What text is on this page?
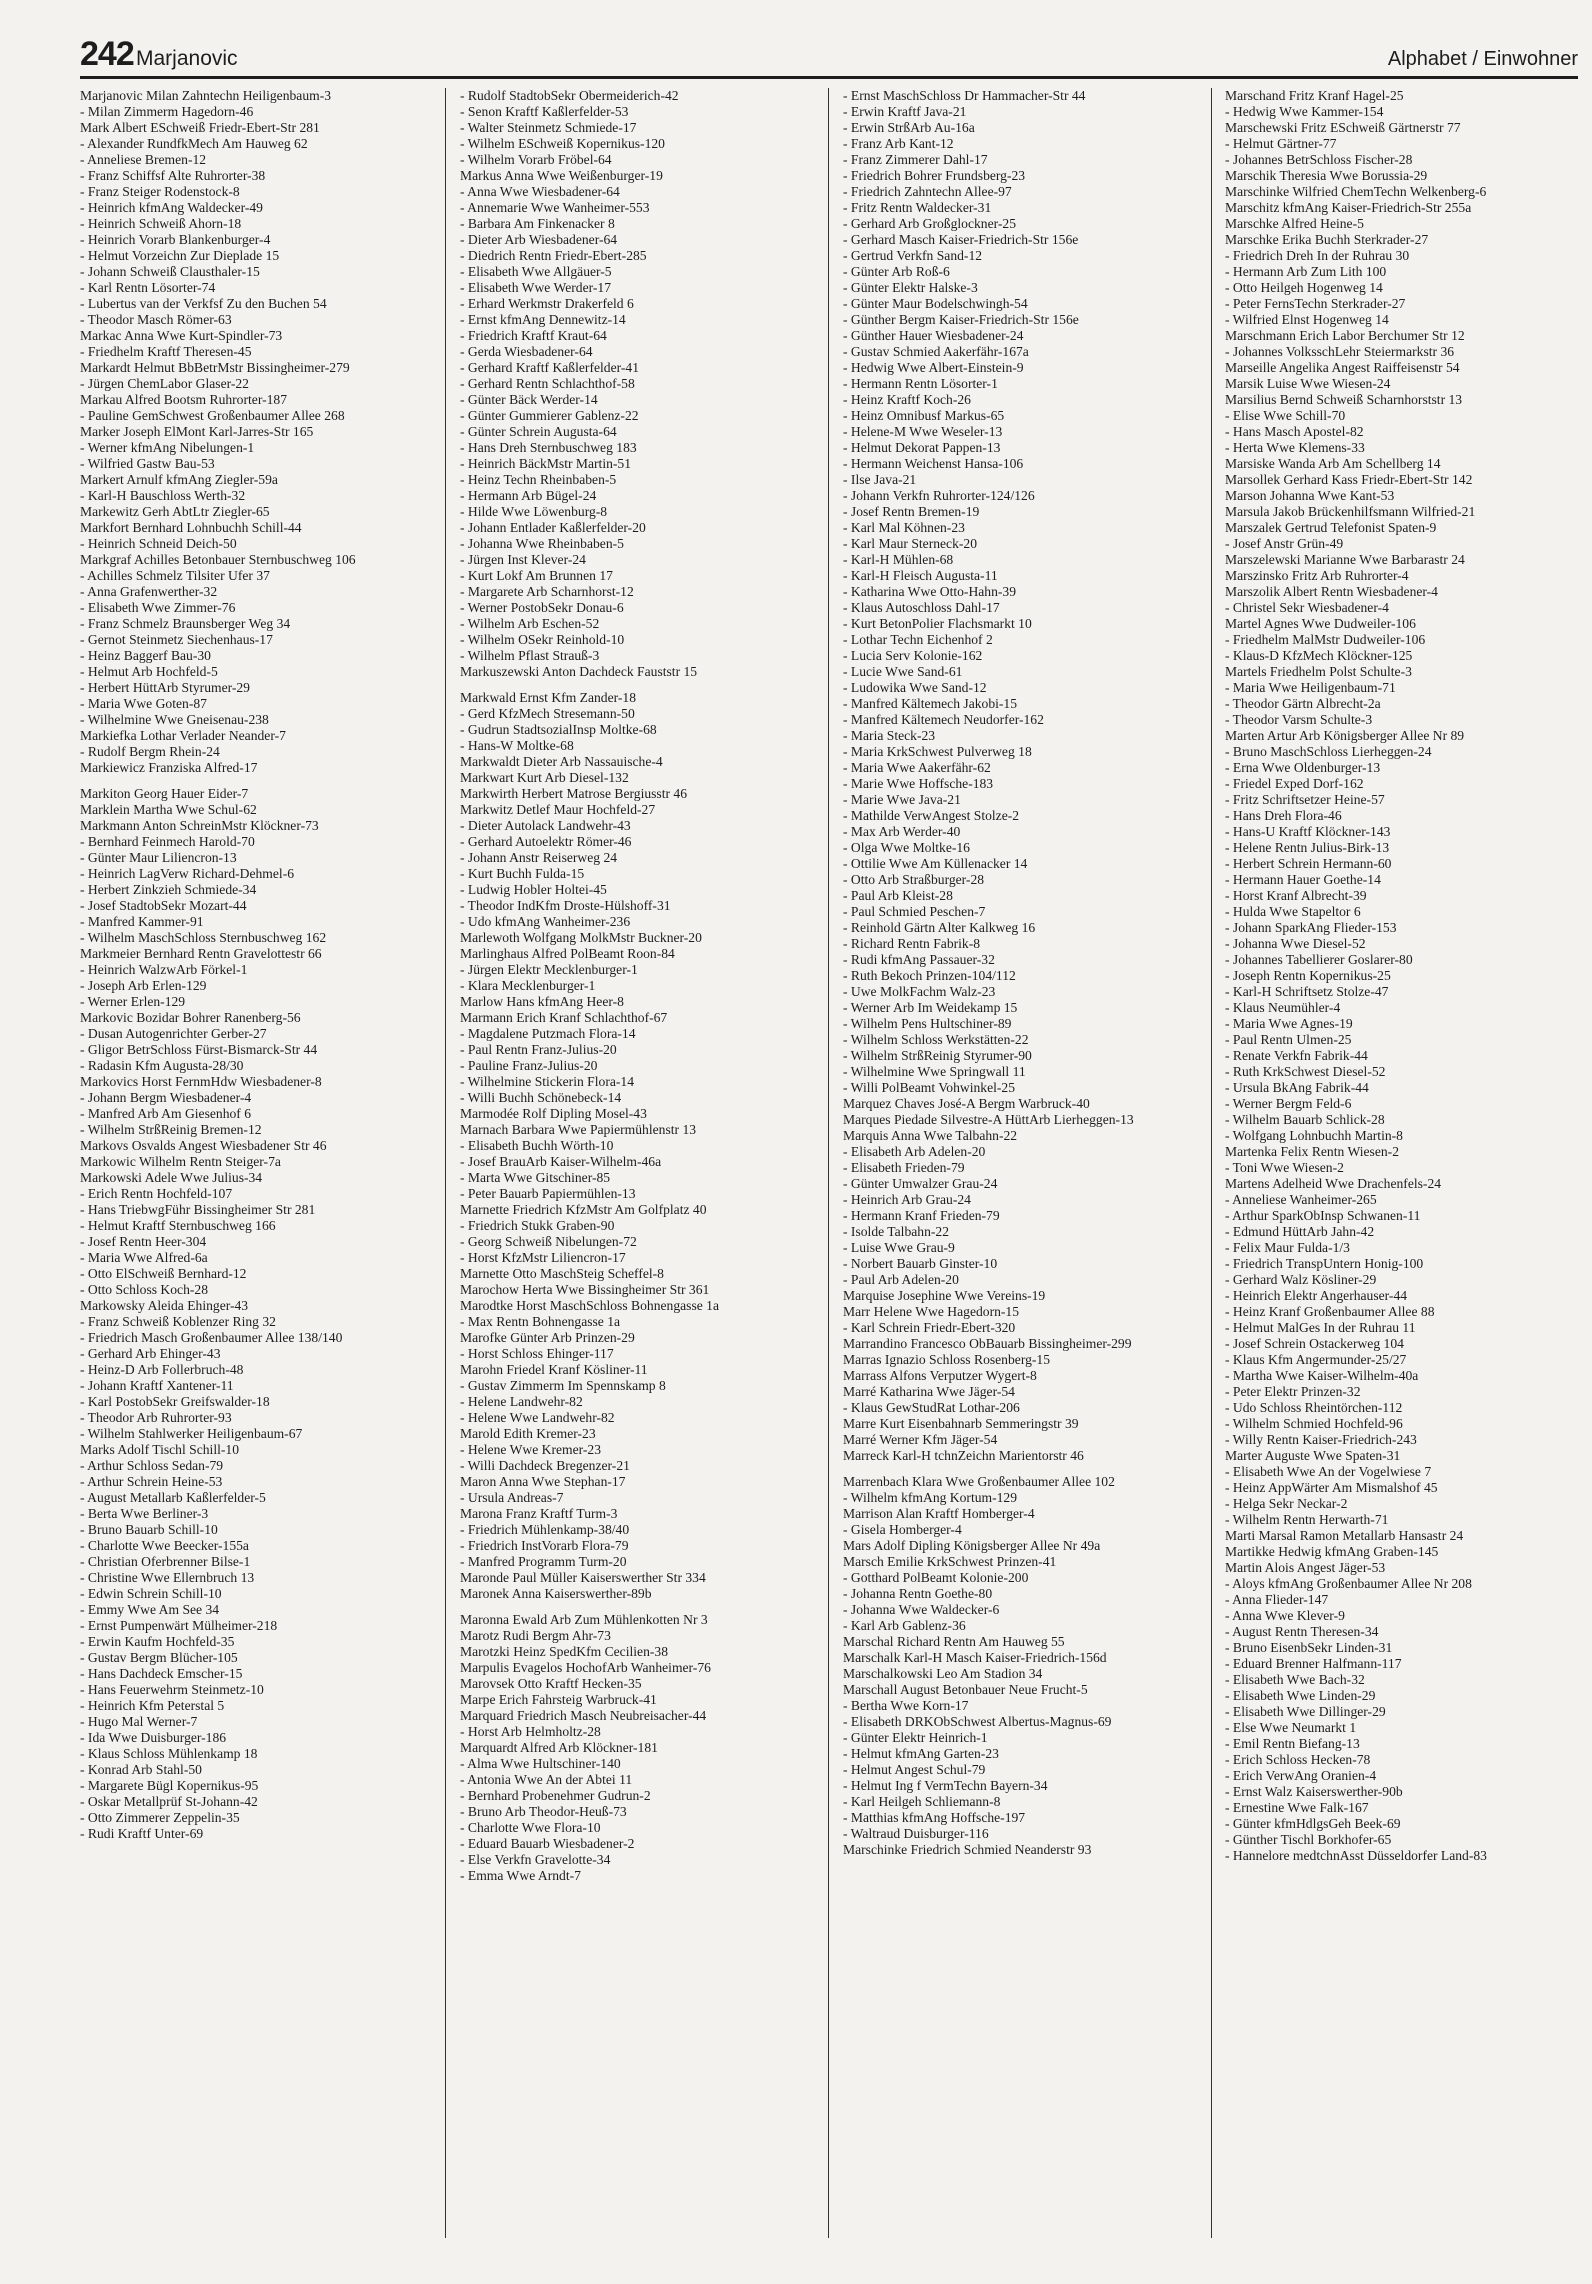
242 Marjanovic	Alphabet / Einwohner

Marjanovic Milan Zahntechn Heiligenbaum-3

- Milan Zimmerm Hagedorn-46

Mark Albert ESchweiß Friedr-Ebert-Str 281

- Alexander RundfkMech Am Hauweg 62

- Anneliese Bremen-12

- Franz Schiffsf Alte Ruhrorter-38

- Franz Steiger Rodenstock-8

- Heinrich kfmAng Waldecker-49

- Heinrich Schweiß Ahorn-18

- Heinrich Vorarb Blankenburger-4

- Helmut Vorzeichn Zur Dieplade 15

- Johann Schweiß Clausthaler-15

- Karl Rentn Lösorter-74

- Lubertus van der Verkfsf Zu den Buchen 54

- Theodor Masch Römer-63

Markac Anna Wwe Kurt-Spindler-73

- Friedhelm Kraftf Theresen-45

Markardt Helmut BbBetrMstr Bissingheimer-279

- Jürgen ChemLabor Glaser-22

Markau Alfred Bootsm Ruhrorter-187

- Pauline GemSchwest Großenbaumer Allee 268

Marker Joseph ElMont Karl-Jarres-Str 165

- Werner kfmAng Nibelungen-1

- Wilfried Gastw Bau-53

Markert Arnulf kfmAng Ziegler-59a

- Karl-H Bauschloss Werth-32

Markewitz Gerh AbtLtr Ziegler-65

Markfort Bernhard Lohnbuchh Schill-44

- Heinrich Schneid Deich-50

Markgraf Achilles Betonbauer Sternbuschweg 106

- Achilles Schmelz Tilsiter Ufer 37

- Anna Grafenwerther-32

- Elisabeth Wwe Zimmer-76

- Franz Schmelz Braunsberger Weg 34

- Gernot Steinmetz Siechenhaus-17

- Heinz Baggerf Bau-30

- Helmut Arb Hochfeld-5

- Herbert HüttArb Styrumer-29

- Maria Wwe Goten-87

- Wilhelmine Wwe Gneisenau-238

Markiefka Lothar Verlader Neander-7

- Rudolf Bergm Rhein-24

Markiewicz Franziska Alfred-17

Markiton Georg Hauer Eider-7

Marklein Martha Wwe Schul-62

Markmann Anton SchreinMstr Klöckner-73

- Bernhard Feinmech Harold-70

- Günter Maur Liliencron-13

- Heinrich LagVerw Richard-Dehmel-6

- Herbert Zinkzieh Schmiede-34

- Josef StadtobSekr Mozart-44

- Manfred Kammer-91

- Wilhelm MaschSchloss Sternbuschweg 162

Markmeier Bernhard Rentn Gravelottestr 66

- Heinrich WalzwArb Förkel-1

- Joseph Arb Erlen-129

- Werner Erlen-129

Markovic Bozidar Bohrer Ranenberg-56

- Dusan Autogenrichter Gerber-27

- Gligor BetrSchloss Fürst-Bismarck-Str 44

- Radasin Kfm Augusta-28/30

Markovics Horst FernmHdw Wiesbadener-8

- Johann Bergm Wiesbadener-4

- Manfred Arb Am Giesenhof 6

- Wilhelm StrßReinig Bremen-12

Markovs Osvalds Angest Wiesbadener Str 46

Markowic Wilhelm Rentn Steiger-7a

Markowski Adele Wwe Julius-34

- Erich Rentn Hochfeld-107

- Hans TriebwgFühr Bissingheimer Str 281

- Helmut Kraftf Sternbuschweg 166

- Josef Rentn Heer-304

- Maria Wwe Alfred-6a

- Otto ElSchweiß Bernhard-12

- Otto Schloss Koch-28

Markowsky Aleida Ehinger-43

- Franz Schweiß Koblenzer Ring 32

- Friedrich Masch Großenbaumer Allee 138/140

- Gerhard Arb Ehinger-43

- Heinz-D Arb Follerbruch-48

- Johann Kraftf Xantener-11

- Karl PostobSekr Greifswalder-18

- Theodor Arb Ruhrorter-93

- Wilhelm Stahlwerker Heiligenbaum-67

Marks Adolf Tischl Schill-10

- Arthur Schloss Sedan-79

- Arthur Schrein Heine-53

- August Metallarb Kaßlerfelder-5

- Berta Wwe Berliner-3

- Bruno Bauarb Schill-10

- Charlotte Wwe Beecker-155a

- Christian Oferbrenner Bilse-1

- Christine Wwe Ellernbruch 13

- Edwin Schrein Schill-10

- Emmy Wwe Am See 34

- Ernst Pumpenwärt Mülheimer-218

- Erwin Kaufm Hochfeld-35

- Gustav Bergm Blücher-105

- Hans Dachdeck Emscher-15

- Hans Feuerwehrm Steinmetz-10

- Heinrich Kfm Peterstal 5

- Hugo Mal Werner-7

- Ida Wwe Duisburger-186

- Klaus Schloss Mühlenkamp 18

- Konrad Arb Stahl-50

- Margarete Bügl Kopernikus-95

- Oskar Metallprüf St-Johann-42

- Otto Zimmerer Zeppelin-35

- Rudi Kraftf Unter-69

- Rudolf StadtobSekr Obermeiderich-42

- Senon Kraftf Kaßlerfelder-53

- Walter Steinmetz Schmiede-17

- Wilhelm ESchweiß Kopernikus-120

- Wilhelm Vorarb Fröbel-64

Markus Anna Wwe Weißenburger-19

- Anna Wwe Wiesbadener-64

- Annemarie Wwe Wanheimer-553

- Barbara Am Finkenacker 8

- Dieter Arb Wiesbadener-64

- Diedrich Rentn Friedr-Ebert-285

- Elisabeth Wwe Allgäuer-5

- Elisabeth Wwe Werder-17

- Erhard Werkmstr Drakerfeld 6

- Ernst kfmAng Dennewitz-14

- Friedrich Kraftf Kraut-64

- Gerda Wiesbadener-64

- Gerhard Kraftf Kaßlerfelder-41

- Gerhard Rentn Schlachthof-58

- Günter Bäck Werder-14

- Günter Gummierer Gablenz-22

- Günter Schrein Augusta-64

- Hans Dreh Sternbuschweg 183

- Heinrich BäckMstr Martin-51

- Heinz Techn Rheinbaben-5

- Hermann Arb Bügel-24

- Hilde Wwe Löwenburg-8

- Johann Entlader Kaßlerfelder-20

- Johanna Wwe Rheinbaben-5

- Jürgen Inst Klever-24

- Kurt Lokf Am Brunnen 17

- Margarete Arb Scharnhorst-12

- Werner PostobSekr Donau-6

- Wilhelm Arb Eschen-52

- Wilhelm OSekr Reinhold-10

- Wilhelm Pflast Strauß-3

Markuszewski Anton Dachdeck Fauststr 15

Markwald Ernst Kfm Zander-18

- Gerd KfzMech Stresemann-50

- Gudrun StadtsozialInsp Moltke-68

- Hans-W Moltke-68

Markwaldt Dieter Arb Nassauische-4

Markwart Kurt Arb Diesel-132

Markwirth Herbert Matrose Bergiusstr 46

Markwitz Detlef Maur Hochfeld-27

- Dieter Autolack Landwehr-43

- Gerhard Autoelektr Römer-46

- Johann Anstr Reiserweg 24

- Kurt Buchh Fulda-15

- Ludwig Hobler Holtei-45

- Theodor IndKfm Droste-Hülshoff-31

- Udo kfmAng Wanheimer-236

Marlewoth Wolfgang MolkMstr Buckner-20

Marlinghaus Alfred PolBeamt Roon-84

- Jürgen Elektr Mecklenburger-1

- Klara Mecklenburger-1

Marlow Hans kfmAng Heer-8

Marmann Erich Kranf Schlachthof-67

- Magdalene Putzmach Flora-14

- Paul Rentn Franz-Julius-20

- Pauline Franz-Julius-20

- Wilhelmine Stickerin Flora-14

- Willi Buchh Schönebeck-14

Marmodée Rolf Dipling Mosel-43

Marnach Barbara Wwe Papiermühlenstr 13

- Elisabeth Buchh Wörth-10

- Josef BrauArb Kaiser-Wilhelm-46a

- Marta Wwe Gitschiner-85

- Peter Bauarb Papiermühlen-13

Marnette Friedrich KfzMstr Am Golfplatz 40

- Friedrich Stukk Graben-90

- Georg Schweiß Nibelungen-72

- Horst KfzMstr Liliencron-17

Marnette Otto MaschSteig Scheffel-8

Marochow Herta Wwe Bissingheimer Str 361

Marodtke Horst MaschSchloss Bohnengasse 1a

- Max Rentn Bohnengasse 1a

Marofke Günter Arb Prinzen-29

- Horst Schloss Ehinger-117

Marohn Friedel Kranf Kösliner-11

- Gustav Zimmerm Im Spennskamp 8

- Helene Landwehr-82

- Helene Wwe Landwehr-82

Marold Edith Kremer-23

- Helene Wwe Kremer-23

- Willi Dachdeck Bregenzer-21

Maron Anna Wwe Stephan-17

- Ursula Andreas-7

Marona Franz Kraftf Turm-3

- Friedrich Mühlenkamp-38/40

- Friedrich InstVorarb Flora-79

- Manfred Programm Turm-20

Maronde Paul Müller Kaiserswerther Str 334

Maronek Anna Kaiserswerther-89b

Maronna Ewald Arb Zum Mühlenkotten Nr 3

Marotz Rudi Bergm Ahr-73

Marotzki Heinz SpedKfm Cecilien-38

Marpulis Evagelos HochofArb Wanheimer-76

Marovsek Otto Kraftf Hecken-35

Marpe Erich Fahrsteig Warbruck-41

Marquard Friedrich Masch Neubreisacher-44

- Horst Arb Helmholtz-28

Marquardt Alfred Arb Klöckner-181

- Alma Wwe Hultschiner-140

- Antonia Wwe An der Abtei 11

- Bernhard Probenehmer Gudrun-2

- Bruno Arb Theodor-Heuß-73

- Charlotte Wwe Flora-10

- Eduard Bauarb Wiesbadener-2

- Else Verkfn Gravelotte-34

- Emma Wwe Arndt-7

- Ernst MaschSchloss Dr Hammacher-Str 44

- Erwin Kraftf Java-21

- Erwin StrßArb Au-16a

- Franz Arb Kant-12

- Franz Zimmerer Dahl-17

- Friedrich Bohrer Frundsberg-23

- Friedrich Zahntechn Allee-97

- Fritz Rentn Waldecker-31

- Gerhard Arb Großglockner-25

- Gerhard Masch Kaiser-Friedrich-Str 156e

- Gertrud Verkfn Sand-12

- Günter Arb Roß-6

- Günter Elektr Halske-3

- Günter Maur Bodelschwingh-54

- Günther Bergm Kaiser-Friedrich-Str 156e

- Günther Hauer Wiesbadener-24

- Gustav Schmied Aakerfähr-167a

- Hedwig Wwe Albert-Einstein-9

- Hermann Rentn Lösorter-1

- Heinz Kraftf Koch-26

- Heinz Omnibusf Markus-65

- Helene-M Wwe Weseler-13

- Helmut Dekorat Pappen-13

- Hermann Weichenst Hansa-106

- Ilse Java-21

- Johann Verkfn Ruhrorter-124/126

- Josef Rentn Bremen-19

- Karl Mal Köhnen-23

- Karl Maur Sterneck-20

- Karl-H Mühlen-68

- Karl-H Fleisch Augusta-11

- Katharina Wwe Otto-Hahn-39

- Klaus Autoschloss Dahl-17

- Kurt BetonPolier Flachsmarkt 10

- Lothar Techn Eichenhof 2

- Lucia Serv Kolonie-162

- Lucie Wwe Sand-61

- Ludowika Wwe Sand-12

- Manfred Kältemech Jakobi-15

- Manfred Kältemech Neudorfer-162

- Maria Steck-23

- Maria KrkSchwest Pulverweg 18

- Maria Wwe Aakerfähr-62

- Marie Wwe Hoffsche-183

- Marie Wwe Java-21

- Mathilde VerwAngest Stolze-2

- Max Arb Werder-40

- Olga Wwe Moltke-16

- Ottilie Wwe Am Küllenacker 14

- Otto Arb Straßburger-28

- Paul Arb Kleist-28

- Paul Schmied Peschen-7

- Reinhold Gärtn Alter Kalkweg 16

- Richard Rentn Fabrik-8

- Rudi kfmAng Passauer-32

- Ruth Bekoch Prinzen-104/112

- Uwe MolkFachm Walz-23

- Werner Arb Im Weidekamp 15

- Wilhelm Pens Hultschiner-89

- Wilhelm Schloss Werkstätten-22

- Wilhelm StrßReinig Styrumer-90

- Wilhelmine Wwe Springwall 11

- Willi PolBeamt Vohwinkel-25

Marquez Chaves José-A Bergm Warbruck-40

Marques Piedade Silvestre-A HüttArb Lierheggen-13

Marquis Anna Wwe Talbahn-22

- Elisabeth Arb Adelen-20

- Elisabeth Frieden-79

- Günter Umwalzer Grau-24

- Heinrich Arb Grau-24

- Hermann Kranf Frieden-79

- Isolde Talbahn-22

- Luise Wwe Grau-9

- Norbert Bauarb Ginster-10

- Paul Arb Adelen-20

Marquise Josephine Wwe Vereins-19

Marr Helene Wwe Hagedorn-15

- Karl Schrein Friedr-Ebert-320

Marrandino Francesco ObBauarb Bissingheimer-299

Marras Ignazio Schloss Rosenberg-15

Marrass Alfons Verputzer Wygert-8

Marré Katharina Wwe Jäger-54

- Klaus GewStudRat Lothar-206

Marre Kurt Eisenbahnarb Semmeringstr 39

Marré Werner Kfm Jäger-54

Marreck Karl-H tchnZeichn Marientorstr 46

Marrenbach Klara Wwe Großenbaumer Allee 102

- Wilhelm kfmAng Kortum-129

Marrison Alan Kraftf Homberger-4

- Gisela Homberger-4

Mars Adolf Dipling Königsberger Allee Nr 49a

Marsch Emilie KrkSchwest Prinzen-41

- Gotthard PolBeamt Kolonie-200

- Johanna Rentn Goethe-80

- Johanna Wwe Waldecker-6

- Karl Arb Gablenz-36

Marschal Richard Rentn Am Hauweg 55

Marschalk Karl-H Masch Kaiser-Friedrich-156d

Marschalkowski Leo Am Stadion 34

Marschall August Betonbauer Neue Frucht-5

- Bertha Wwe Korn-17

- Elisabeth DRKObSchwest Albertus-Magnus-69

- Günter Elektr Heinrich-1

- Helmut kfmAng Garten-23

- Helmut Angest Schul-79

- Helmut Ing f VermTechn Bayern-34

- Karl Heilgeh Schliemann-8

- Matthias kfmAng Hoffsche-197

- Waltraud Duisburger-116

Marschinke Friedrich Schmied Neanderstr 93

Marschand Fritz Kranf Hagel-25

- Hedwig Wwe Kammer-154

Marschewski Fritz ESchweiß Gärtnerstr 77

- Helmut Gärtner-77

- Johannes BetrSchloss Fischer-28

Marschik Theresia Wwe Borussia-29

Marschinke Wilfried ChemTechn Welkenberg-6

Marschitz kfmAng Kaiser-Friedrich-Str 255a

Marschke Alfred Heine-5

Marschke Erika Buchh Sterkrader-27

- Friedrich Dreh In der Ruhrau 30

- Hermann Arb Zum Lith 100

- Otto Heilgeh Hogenweg 14

- Peter FernsTechn Sterkrader-27

- Wilfried Elnst Hogenweg 14

Marschmann Erich Labor Berchumer Str 12

- Johannes VolksschLehr Steiermarkstr 36

Marseille Angelika Angest Raiffeisenstr 54

Marsik Luise Wwe Wiesen-24

Marsilius Bernd Schweiß Scharnhorststr 13

- Elise Wwe Schill-70

- Hans Masch Apostel-82

- Herta Wwe Klemens-33

Marsiske Wanda Arb Am Schellberg 14

Marsollek Gerhard Kass Friedr-Ebert-Str 142

Marson Johanna Wwe Kant-53

Marsula Jakob Brückenhilfsmann Wilfried-21

Marszalek Gertrud Telefonist Spaten-9

- Josef Anstr Grün-49

Marszelewski Marianne Wwe Barbarastr 24

Marszinsko Fritz Arb Ruhrorter-4

Marszolik Albert Rentn Wiesbadener-4

- Christel Sekr Wiesbadener-4

Martel Agnes Wwe Dudweiler-106

- Friedhelm MalMstr Dudweiler-106

- Klaus-D KfzMech Klöckner-125

Martels Friedhelm Polst Schulte-3

- Maria Wwe Heiligenbaum-71

- Theodor Gärtn Albrecht-2a

- Theodor Varsm Schulte-3

Marten Artur Arb Königsberger Allee Nr 89

- Bruno MaschSchloss Lierheggen-24

- Erna Wwe Oldenburger-13

- Friedel Exped Dorf-162

- Fritz Schriftsetzer Heine-57

- Hans Dreh Flora-46

- Hans-U Kraftf Klöckner-143

- Helene Rentn Julius-Birk-13

- Herbert Schrein Hermann-60

- Hermann Hauer Goethe-14

- Horst Kranf Albrecht-39

- Hulda Wwe Stapeltor 6

- Johann SparkAng Flieder-153

- Johanna Wwe Diesel-52

- Johannes Tabellierer Goslarer-80

- Joseph Rentn Kopernikus-25

- Karl-H Schriftsetz Stolze-47

- Klaus Neumühler-4

- Maria Wwe Agnes-19

- Paul Rentn Ulmen-25

- Renate Verkfn Fabrik-44

- Ruth KrkSchwest Diesel-52

- Ursula BkAng Fabrik-44

- Werner Bergm Feld-6

- Wilhelm Bauarb Schlick-28

- Wolfgang Lohnbuchh Martin-8

Martenka Felix Rentn Wiesen-2

- Toni Wwe Wiesen-2

Martens Adelheid Wwe Drachenfels-24

- Anneliese Wanheimer-265

- Arthur SparkObInsp Schwanen-11

- Edmund HüttArb Jahn-42

- Felix Maur Fulda-1/3

- Friedrich TranspUntern Honig-100

- Gerhard Walz Kösliner-29

- Heinrich Elektr Angerhauser-44

- Heinz Kranf Großenbaumer Allee 88

- Helmut MalGes In der Ruhrau 11

- Josef Schrein Ostackerweg 104

- Klaus Kfm Angermunder-25/27

- Martha Wwe Kaiser-Wilhelm-40a

- Peter Elektr Prinzen-32

- Udo Schloss Rheintörchen-112

- Wilhelm Schmied Hochfeld-96

- Willy Rentn Kaiser-Friedrich-243

Marter Auguste Wwe Spaten-31

- Elisabeth Wwe An der Vogelwiese 7

- Heinz AppWärter Am Mismalshof 45

- Helga Sekr Neckar-2

- Wilhelm Rentn Herwarth-71

Marti Marsal Ramon Metallarb Hansastr 24

Martikke Hedwig kfmAng Graben-145

Martin Alois Angest Jäger-53

- Aloys kfmAng Großenbaumer Allee Nr 208

- Anna Flieder-147

- Anna Wwe Klever-9

- August Rentn Theresen-34

- Bruno EisenbSekr Linden-31

- Eduard Brenner Halfmann-117

- Elisabeth Wwe Bach-32

- Elisabeth Wwe Linden-29

- Elisabeth Wwe Dillinger-29

- Else Wwe Neumarkt 1

- Emil Rentn Biefang-13

- Erich Schloss Hecken-78

- Erich VerwAng Oranien-4

- Ernst Walz Kaiserswerther-90b

- Ernestine Wwe Falk-167

- Günter kfmHdlgsGeh Beek-69

- Günther Tischl Borkhofer-65

- Hannelore medtchnAsst Düsseldorfer Land-83
